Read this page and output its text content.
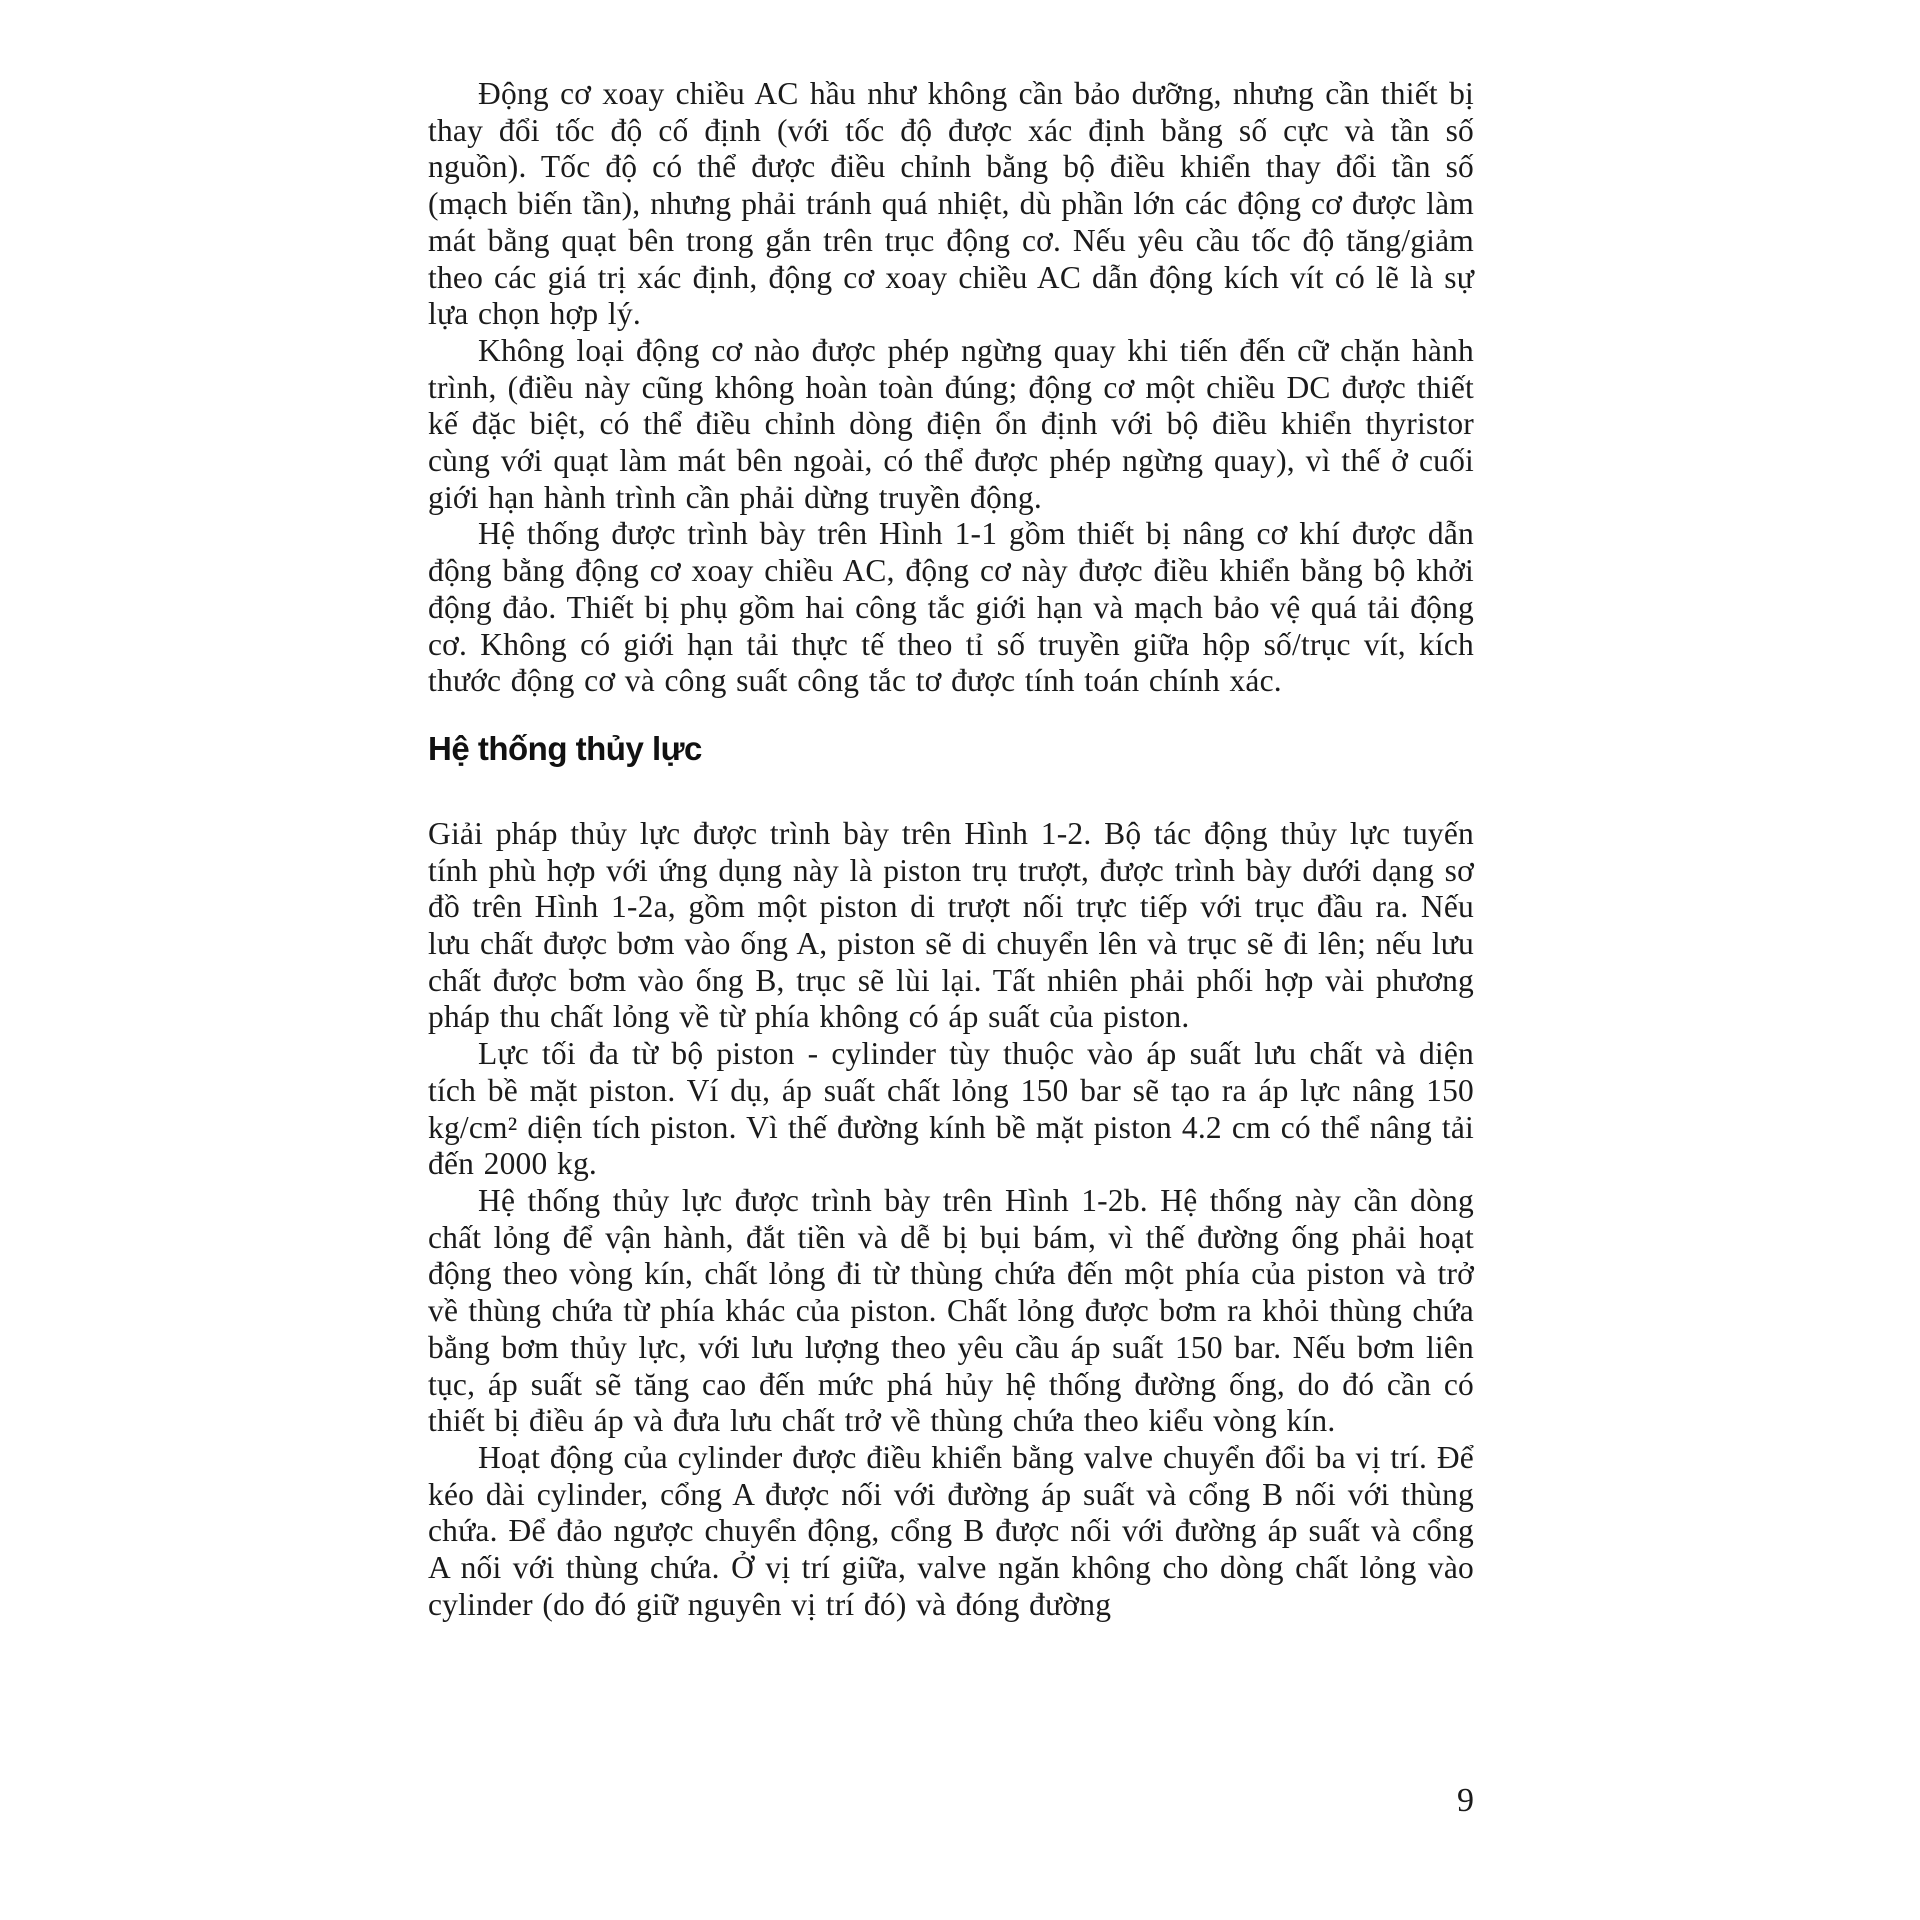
Động cơ xoay chiều AC hầu như không cần bảo dưỡng, nhưng cần thiết bị thay đổi tốc độ cố định (với tốc độ được xác định bằng số cực và tần số nguồn). Tốc độ có thể được điều chỉnh bằng bộ điều khiển thay đổi tần số (mạch biến tần), nhưng phải tránh quá nhiệt, dù phần lớn các động cơ được làm mát bằng quạt bên trong gắn trên trục động cơ. Nếu yêu cầu tốc độ tăng/giảm theo các giá trị xác định, động cơ xoay chiều AC dẫn động kích vít có lẽ là sự lựa chọn hợp lý.

Không loại động cơ nào được phép ngừng quay khi tiến đến cữ chặn hành trình, (điều này cũng không hoàn toàn đúng; động cơ một chiều DC được thiết kế đặc biệt, có thể điều chỉnh dòng điện ổn định với bộ điều khiển thyristor cùng với quạt làm mát bên ngoài, có thể được phép ngừng quay), vì thế ở cuối giới hạn hành trình cần phải dừng truyền động.

Hệ thống được trình bày trên Hình 1-1 gồm thiết bị nâng cơ khí được dẫn động bằng động cơ xoay chiều AC, động cơ này được điều khiển bằng bộ khởi động đảo. Thiết bị phụ gồm hai công tắc giới hạn và mạch bảo vệ quá tải động cơ. Không có giới hạn tải thực tế theo tỉ số truyền giữa hộp số/trục vít, kích thước động cơ và công suất công tắc tơ được tính toán chính xác.

Hệ thống thủy lực

Giải pháp thủy lực được trình bày trên Hình 1-2. Bộ tác động thủy lực tuyến tính phù hợp với ứng dụng này là piston trụ trượt, được trình bày dưới dạng sơ đồ trên Hình 1-2a, gồm một piston di trượt nối trực tiếp với trục đầu ra. Nếu lưu chất được bơm vào ống A, piston sẽ di chuyển lên và trục sẽ đi lên; nếu lưu chất được bơm vào ống B, trục sẽ lùi lại. Tất nhiên phải phối hợp vài phương pháp thu chất lỏng về từ phía không có áp suất của piston.

Lực tối đa từ bộ piston - cylinder tùy thuộc vào áp suất lưu chất và diện tích bề mặt piston. Ví dụ, áp suất chất lỏng 150 bar sẽ tạo ra áp lực nâng 150 kg/cm² diện tích piston. Vì thế đường kính bề mặt piston 4.2 cm có thể nâng tải đến 2000 kg.

Hệ thống thủy lực được trình bày trên Hình 1-2b. Hệ thống này cần dòng chất lỏng để vận hành, đắt tiền và dễ bị bụi bám, vì thế đường ống phải hoạt động theo vòng kín, chất lỏng đi từ thùng chứa đến một phía của piston và trở về thùng chứa từ phía khác của piston. Chất lỏng được bơm ra khỏi thùng chứa bằng bơm thủy lực, với lưu lượng theo yêu cầu áp suất 150 bar. Nếu bơm liên tục, áp suất sẽ tăng cao đến mức phá hủy hệ thống đường ống, do đó cần có thiết bị điều áp và đưa lưu chất trở về thùng chứa theo kiểu vòng kín.

Hoạt động của cylinder được điều khiển bằng valve chuyển đổi ba vị trí. Để kéo dài cylinder, cổng A được nối với đường áp suất và cổng B nối với thùng chứa. Để đảo ngược chuyển động, cổng B được nối với đường áp suất và cổng A nối với thùng chứa. Ở vị trí giữa, valve ngăn không cho dòng chất lỏng vào cylinder (do đó giữ nguyên vị trí đó) và đóng đường

9
